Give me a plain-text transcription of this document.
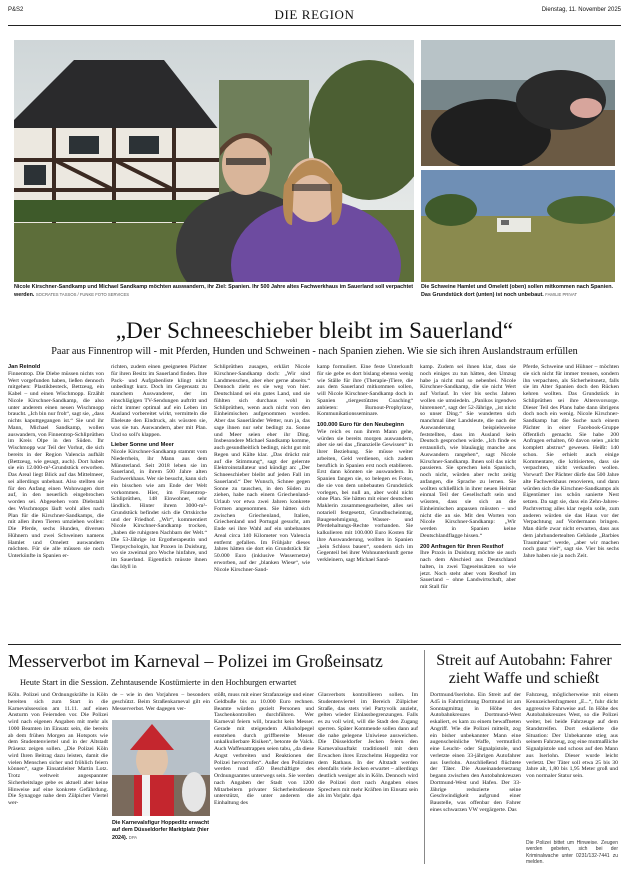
P&S2	DIE REGION	Dienstag, 11. November 2025
Nicole Kirschner-Sandkamp und Michael Sandkamp möchten auswandern, ihr Ziel: Spanien. Ihr 500 Jahre altes Fachwerkhaus im Sauerland soll verpachtet werden. SOCRATES TASSOS / FUNKE FOTO SERVICES
Die Schweine Hamlet und Omelett (oben) sollen mitkommen nach Spanien. Das Grundstück dort (unten) ist noch unbebaut. FAMILIE PRIVAT
„Der Schneeschieber bleibt im Sauerland“
Paar aus Finnentrop will - mit Pferden, Hunden und Schweinen - nach Spanien ziehen. Wie sie sich ihren Auslandstraum erfüllen
Jan Reinold
Finnentrop. Die Diebe müssen nichts von Wert vorgefunden haben, ließen dennoch mitgehen: Plastikbesteck, Bettzeug, ein Kabel – und einen Wischmopp. Erzählt Nicole Kirschner-Sandkamp, die also unter anderem einen neuen Wischmopp braucht. „Ich bin nur froh“, sagt sie, „dass nichts kaputtgegangen ist.“ Sie und ihr Mann, Michael Sandkamp, wollen auswandern, von Finnentrop-Schliprüthen im Kreis Olpe in den Süden. Ihr Wischmopp war Teil der Vorhut, die sich bereits in der Region Valencia aufhält (Bettzeug, wie gesagt, auch). Dort haben sie ein 12.000-m²-Grundstück erworben. Das Areal liegt Blick auf das Mittelmeer, sei allerdings unbebaut. Also stellten sie für den Anfang einen Wohnwagen dort auf, in den neuerlich eingebrochen worden sei. Abgesehen vom Diebstahl des Wischmopps läuft wohl alles nach Plan für die Kirschner-Sandkamps, die mit allen ihren Tieren umziehen wollen: Die Pferde, sechs Hunden, diversen Hühnern und zwei Schweinen namens Hamlet und Omelett auswandern möchten. Für sie alle müssen sie noch Unterkünfte in Spanien er-
richten, zudem einen geeigneten Pächter für ihren Besitz im Sauerland finden. Ihre Pack- und Aufgabenliste klingt nicht unbedingt kurz. Doch im Gegensatz zu manchem Auswanderer, der im einschlägigen TV-Sendungen auftritt und nicht immer optimal auf ein Leben im Ausland vorbereitet wirkt, vermitteln die Eheleute den Eindruck, als wüssten sie, was sie tun. Auswandern, aber mit Plan. Und so soll's klappen.
Lieber Sonne und Meer
Nicole Kirschner-Sandkamp stammt vom Niederrhein, ihr Mann aus dem Münsterland. Seit 2018 leben sie im Sauerland, in ihrem 500 Jahre alten Fachwerkhaus. Wer sie besucht, kann sich ein bisschen wie am Ende der Welt vorkommen. Hier, im Finnentrop-Schliprüthen, 148 Einwohner, sehr ländlich. Hinter ihrem 3000-m²-Grundstück befindet sich die Ortskirche und der Friedhof. „Wir“, kommentiert Nicole Kirschner-Sandkamp trocken, „haben die ruhigsten Nachbarn der Welt.“ Die 53-Jährige ist Ergotherapeutin und Tierpsychologin, hat Praxen in Duisburg, wo sie zweimal pro Woche hinfahre, und im Sauerland. Eigentlich müsste ihnen das Idyll in
Schliprüthen zusagen, erklärt Nicole Kirschner-Sandkamp doch: „Wir sind Landmenschen, aber eher gerne abseits.“ Dennoch zieht es sie weg von hier. Deutschland sei ein gutes Land, und sie fühlten sich durchaus wohl in Schliprüthen, wenn auch nicht von den Einheimischen aufgenommen worden. Aber das Sauerländer Wetter, nun ja, das sage ihnen nur sehr bedingt zu. Sonne und Meer seien eher ihr Ding. Insbesondere Michael Sandkamp komme, auch gesundheitlich bedingt, nicht gut mit Regen und Kälte klar. „Das drückt mir auf die Stimmung“, sagt der gelernte Elektroinstallateur und kündigt an: „Der Schneeschieber bleibt auf jeden Fall im Sauerland.“ Der Wunsch, Schnee gegen Sonne zu tauschen, in den Süden zu ziehen, habe nach einem Griechenland-Urlaub vor etwa zwei Jahren konkrete Formen angenommen. Sie hätten sich zwischen Griechenland, Italien, Griechenland und Portugal gesucht, am Ende sei ihre Wahl auf ein unbebautes Areal circa 140 Kilometer von Valencia entfernt gefallen. Im Frühjahr dieses Jahres hätten sie dort ein Grundstück für 50.000 Euro (inklusive Wassernetze) erworben, auf der „blanken Wiese“, wie Nicole Kirschner-Sand-
kamp formuliert. Eine feste Unterkunft für sie gebe es dort bislang ebenso wenig wie Ställe für ihre (Therapie-)Tiere, die aus dem Sauerland mitkommen sollen, will Nicole Kirschner-Sandkamp doch in Spanien „tiergestütztes Coaching“ anbieten: Burnout-Prophylaxe, Kommunikationsseminare.
100.000 Euro für den Neubeginn
Wie reich es nun ihrem Mann gehe, würden sie bereits morgen auswandern, aber sie sei das „finanzielle Gewissen“ in ihrer Beziehung. Sie müsse weiter arbeiten, Geld verdienen, sich zudem beruflich in Spanien erst noch etablieren. Erst dann könnten sie auswandern. In Spanien fangen sie, so belegen es Fotos, die sie von dem unbebauten Grundstück vorlegen, bei null an, aber wohl nicht ohne Plan. Sie hätten mit einer deutschen Maklerin zusammengearbeitet, alles sei notariell festgesetzt, Grundbucheintrag, Baugenehmigung, Wasser- und Pferdehaltungs-Rechte vorhanden. Sie kalkulieren mit 100.000 Euro Kosten für ihre Auswanderung, wollten in Spanien „kein Schloss bauen“, sondern sich im Gegenteil bei ihrer Wohnunterkunft gerne verkleinern, sagt Michael Sand-
kamp. Zudem sei ihnen klar, dass sie noch einiges zu tun hätten, den Umzug habe ja nicht mal so nebenbei. Nicole Kirschner-Sandkamp, die sie nicht Wert auf Vorlauf. In vier bis sechs Jahren wollen sie umsiedeln. „Panikos irgendwo hinrennen“, sagt der 52-Jährige, „ist nicht so unser Ding.“ Sie wunderten sich manchmal über Landsleute, die nach der Auswanderung beispielsweise feststellten, dass im Ausland kein Deutsch gesprochen würde. „Ich finde es erstaunlich, wie blauäugig manche ans Auswandern rangehen“, sagt Nicole Kirschner-Sandkamp. Ihnen soll das nicht passieren. Sie sprechen kein Spanisch, noch nicht, würden aber recht zeitig anfangen, die Sprache zu lernen. Sie wollten schließlich in ihrer neuen Heimat einmal Teil der Gesellschaft sein und wüssten, dass sie sich an die Einheimischen anpassen müssten – und nicht die an sie. Mit den Worten von Nicole Kirschner-Sandkamp: „Wir werden in Spanien keine Deutschlandflagge hissen.“
200 Anfragen für ihren Resthof
Ihre Praxis in Duisburg möchte sie auch nach dem Abschied aus Deutschland halten, in zwei Tageseinsätzen so wie jetzt. Noch steht aber vom Resthof im Sauerland – ohne Landwirtschaft, aber mit Stall für
Pferde, Schweine und Hühner – möchten sie sich nicht für immer trennen, sondern ihn verpachten, als Sicherheitsnetz, falls sie im Alter Spanien doch den Rücken kehren wollten. Das Grundstück in Schliprüthen sei ihre Altersvorsorge. Dieser Teil des Plans habe dann übrigens doch noch ein wenig. Nicole Kirschner-Sandkamp hat die Suche nach einem Pächter in einer Facebook-Gruppe öffentlich gemacht. Sie habe 200 Anfragen erhalten, 60 davon seien „nicht komplett abstrus“ gewesen. Heißt: 140 schon. Sie erhielt auch einige Kommentare, die kritisierten, dass sie verpachten, nicht verkaufen wollen. Vorwurf: Der Pächter dürfe das 500 Jahre alte Fachwerkhaus renovieren, und dann würden sich die Kirschner-Sandkamps als Eigentümer ins schön sanierte Nest setzen. Da sagt sie, dass ein Zehn-Jahres-Pachtvertrag alles klar regeln solle, zum anderen würden sie das Haus vor der Verpachtung auf Vordermann bringen. Man dürfe zwar nicht erwarten, dass aus dem jahrhundertealten Gebäude „Barbies Traumhaus“ werde, „aber wir machen noch ganz viel“, sagt sie. Vier bis sechs Jahre haben sie ja noch Zeit.
Messerverbot im Karneval – Polizei im Großeinsatz
Heute Start in die Session. Zehntausende Kostümierte in den Hochburgen erwartet
Köln. Polizei und Ordnungskräfte in Köln bereiten sich zum Start in die Karnevalssession am 11.11. auf einen Ansturm von Feiernden vor. Die Polizei wird nach eigenen Angaben mit mehr als 1000 Beamten im Einsatz sein, die bereits ab dem frühen Morgen an Hotspots wie dem Studentenviertel und in der Altstadt Präsenz zeigen sollen. „Die Polizei Köln wird Ihren Beitrag dazu leisten, damit die vielen Menschen sicher und fröhlich feiern können“, sagte Einsatzleiter Martin Lotz. Trotz weltweit angespannter Sicherheitslage gebe es aktuell aber keine Hinweise auf eine konkrete Gefährdung. Die Synagoge nahe dem Zülpicher Viertel wer-
de – wie in den Vorjahren – besonders geschützt. Beim Straßenkarneval gilt ein Messerverbot. Wer dagegen ver-
Die Karnevalsfigur Hoppeditz erwacht auf dem Düsseldorfer Marktplatz (hier 2024). DPA
stößt, muss mit einer Strafanzeige und einer Geldbuße bis zu 10.000 Euro rechnen. Beamte würden gezielt Personen und Taschenkontrollen durchführen. Wer Karneval feiern will, braucht kein Messer. Gerade mit steigendem Alkoholpegel entstehen durch griffbereite Messer unkalkulierbare Risiken“, betonte de Valck. Auch Waffenattrappen seien tabu, „da diese Angst verbreiten und Reaktionen der Polizei hervorrufen“. Außer den Polizisten werden rund 450 Beschäftigte des Ordnungsamtes unterwegs sein. Sie werden nach Angaben der Stadt von 1200 Mitarbeitern privater Sicherheitsdienste unterstützt, die unter anderem die Einhaltung des
Glasverbots kontrollieren sollen. Im Studentenviertel im Bereich Zülpicher Straße, das stets viel Partyvolk anzieht, gelten wieder Einlassbegrenzungen. Falls es zu voll wird, will die Stadt den Zugang sperren. Später Kommende sollen dann auf die nahe gelegene Uniwiese ausweichen. Die Düsseldorfer Jecken feiern den Karnevalsauftakt traditionell mit dem Erwachen ihres Erzschelms Hoppeditz vor dem Rathaus. In der Altstadt werden ebenfalls viele Jecken erwartet – allerdings deutlich weniger als in Köln. Dennoch wird die Polizei dort nach Angaben eines Sprechers mit mehr Kräften im Einsatz sein als im Vorjahr. dpa
Streit auf Autobahn: Fahrer zieht Waffe und schießt
Dortmund/Iserlohn. Ein Streit auf der A45 in Fahrtrichtung Dortmund ist am Sonntagmittag in Höhe des Autobahnkreuzes Dortmund-West eskaliert, es kam zu einem bewaffneten Angriff. Wie die Polizei mitteilt, zog ein bisher unbekannter Mann eine augenscheinliche Waffe, vermutlich eine Leucht- oder Signalpistole, und verletzte einen 33-jährigen Autofahrer aus Iserlohn. Anschließend flüchtete der Täter. Die Auseinandersetzung begann zwischen den Autobahnkreuzen Dortmund-West und Hafen. Der 33-Jährige reduzierte seine Geschwindigkeit aufgrund einer Baustelle, was offenbar den Fahrer eines schwarzen VW vergärgerte. Das
Fahrzeug, möglicherweise mit einem Kennzeichenfragment „E...“, fuhr dicht aggressive Fahrweise auf. In Höhe des Autobahnkreuzes West, so die Polizei weiter, bei beide Fahrzeuge auf dem Standstreifen. Dort eskalierte die Situation: Der Unbekannte stieg aus seinem Fahrzeug, zog eine mutmaßliche Signalpistole und schoss auf den Mann aus Iserlohn. Dieser wurde leicht verletzt. Der Täter soll etwa 25 bis 30 Jahre alt, 1,80 bis 1,95 Meter groß und von normaler Statur sein.
Die Polizei bittet um Hinweise. Zeugen werden gebeten, sich bei der Kriminalwache unter 0231/132-7441 zu melden.
